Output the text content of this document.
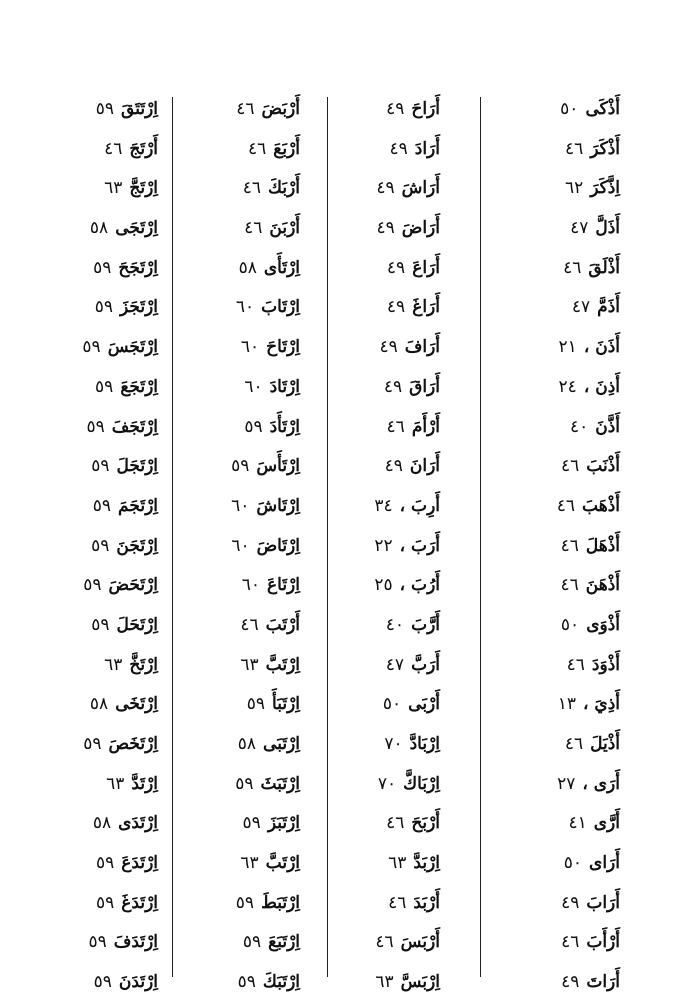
أَذْكَى٥٠
أَذْكَرَ٤٦
اِذَّكَرَ٦٢
أَذَلَّ٤٧
أَذْلَقَ٤٦
أَذَمَّ٤٧
أَذَنَ ،٢١
أَذِنَ ،٢٤
أَذَّنَ٤٠
أَذْنَبَ٤٦
أَذْهَبَ٤٦
أَذْهَلَ٤٦
أَذْهَنَ٤٦
أَذْوَى٥٠
أَذْوَدَ٤٦
أَذِيَ ،١٣
أَذْيَلَ٤٦
أَرَى ،٢٧
أَرَّى٤١
أَرَاى٥٠
أَرَابَ٤٩
أَرْأَبَ٤٦
أَرَاتَ٤٩
أَرَاحَ٤٩
أَرَادَ٤٩
أَرَاشَ٤٩
أَرَاضَ٤٩
أَرَاعَ٤٩
أَرَاغَ٤٩
أَرَافَ٤٩
أَرَاقَ٤٩
أَرْأَمَ٤٦
أَرَانَ٤٩
أَرِبَ ،٣٤
أَرَبَ ،٢٢
أَرُبَ ،٢٥
أَرَّبَ٤٠
أَرَبَّ٤٧
أَرْبَى٥٠
اِرْبَادَّ٧٠
اِرْبَاكَّ٧٠
أَرْبَحَ٤٦
اِرْبَدَّ٦٣
أَرْبَدَ٤٦
أَرْبَسَ٤٦
اِرْبَسَّ٦٣
أَرْبَضَ٤٦
أَرْبَعَ٤٦
أَرْبَكَ٤٦
أَرْبَنَ٤٦
اِرْتَأَى٥٨
اِرْتَابَ٦٠
اِرْتَاحَ٦٠
اِرْتَادَ٦٠
اِرْتَأَدَ٥٩
اِرْتَأَسَ٥٩
اِرْتَاشَ٦٠
اِرْتَاضَ٦٠
اِرْتَاعَ٦٠
أَرْتَبَ٤٦
اِرْتَبَّ٦٣
اِرْتَبَأَ٥٩
اِرْتَبَى٥٨
اِرْتَبَثَ٥٩
اِرْتَبَزَ٥٩
اِرْتَبَّ٦٣
اِرْتَبَطَ٥٩
اِرْتَبَعَ٥٩
اِرْتَبَكَ٥٩
اِرْتَتَقَ٥٩
أَرْتَجَ٤٦
اِرْتَجَّ٦٣
اِرْتَجَى٥٨
اِرْتَجَحَ٥٩
اِرْتَجَزَ٥٩
اِرْتَجَسَ٥٩
اِرْتَجَعَ٥٩
اِرْتَجَفَ٥٩
اِرْتَجَلَ٥٩
اِرْتَجَمَ٥٩
اِرْتَجَنَ٥٩
اِرْتَحَضَ٥٩
اِرْتَحَلَ٥٩
اِرْتَخَّ٦٣
اِرْتَخَى٥٨
اِرْتَخَصَ٥٩
اِرْتَدَّ٦٣
اِرْتَدَى٥٨
اِرْتَدَعَ٥٩
اِرْتَدَغَ٥٩
اِرْتَدَفَ٥٩
اِرْتَدَنَ٥٩
